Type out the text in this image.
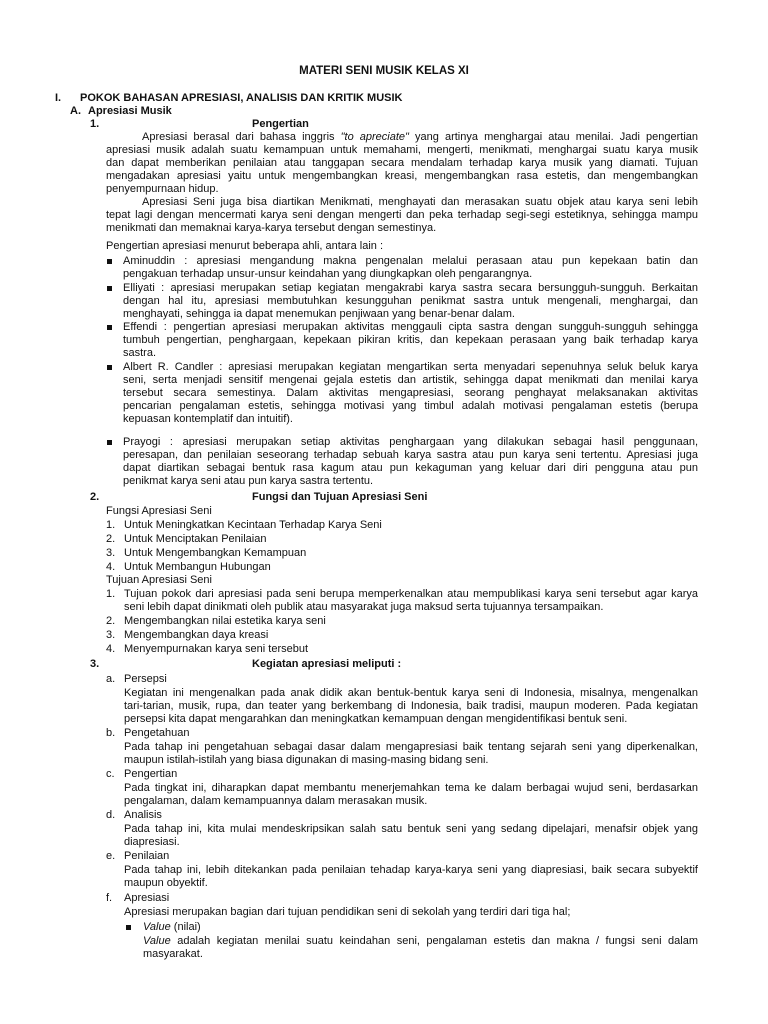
MATERI SENI MUSIK KELAS XI
I. POKOK BAHASAN APRESIASI, ANALISIS DAN KRITIK MUSIK
A. Apresiasi Musik
1.	Pengertian
Apresiasi berasal dari bahasa inggris "to apreciate" yang artinya menghargai atau menilai. Jadi pengertian
apresiasi musik adalah suatu kemampuan untuk memahami, mengerti, menikmati, menghargai suatu karya musik
dan dapat memberikan penilaian atau tanggapan secara mendalam terhadap karya musik yang diamati. Tujuan
mengadakan apresiasi yaitu untuk mengembangkan kreasi, mengembangkan rasa estetis, dan mengembangkan
penyempurnaan hidup.
Apresiasi Seni juga bisa diartikan Menikmati, menghayati dan merasakan suatu objek atau karya seni lebih
tepat lagi dengan mencermati karya seni dengan mengerti dan peka terhadap segi-segi estetiknya, sehingga mampu
menikmati dan memaknai karya-karya tersebut dengan semestinya.
Pengertian apresiasi menurut beberapa ahli, antara lain :
Aminuddin : apresiasi mengandung makna pengenalan melalui perasaan atau pun kepekaan batin dan
pengakuan terhadap unsur-unsur keindahan yang diungkapkan oleh pengarangnya.
Elliyati : apresiasi merupakan setiap kegiatan mengakrabi karya sastra secara bersungguh-sungguh. Berkaitan
dengan hal itu, apresiasi membutuhkan kesungguhan penikmat sastra untuk mengenali, menghargai, dan
menghayati, sehingga ia dapat menemukan penjiwaan yang benar-benar dalam.
Effendi : pengertian apresiasi merupakan aktivitas menggauli cipta sastra dengan sungguh-sungguh sehingga
tumbuh pengertian, penghargaan, kepekaan pikiran kritis, dan kepekaan perasaan yang baik terhadap karya
sastra.
Albert R. Candler : apresiasi merupakan kegiatan mengartikan serta menyadari sepenuhnya seluk beluk karya
seni, serta menjadi sensitif mengenai gejala estetis dan artistik, sehingga dapat menikmati dan menilai karya
tersebut secara semestinya. Dalam aktivitas mengapresiasi, seorang penghayat melaksanakan aktivitas
pencarian pengalaman estetis, sehingga motivasi yang timbul adalah motivasi pengalaman estetis (berupa
kepuasan kontemplatif dan intuitif).
Prayogi : apresiasi merupakan setiap aktivitas penghargaan yang dilakukan sebagai hasil penggunaan,
peresapan, dan penilaian seseorang terhadap sebuah karya sastra atau pun karya seni tertentu. Apresiasi juga
dapat diartikan sebagai bentuk rasa kagum atau pun kekaguman yang keluar dari diri pengguna atau pun
penikmat karya seni atau pun karya sastra tertentu.
2.	Fungsi dan Tujuan Apresiasi Seni
Fungsi Apresiasi Seni
1. Untuk Meningkatkan Kecintaan Terhadap Karya Seni
2. Untuk Menciptakan Penilaian
3. Untuk Mengembangkan Kemampuan
4. Untuk Membangun Hubungan
Tujuan Apresiasi Seni
1. Tujuan pokok dari apresiasi pada seni berupa memperkenalkan atau mempublikasi karya seni tersebut agar karya
seni lebih dapat dinikmati oleh publik atau masyarakat juga maksud serta tujuannya tersampaikan.
2. Mengembangkan nilai estetika karya seni
3. Mengembangkan daya kreasi
4. Menyempurnakan karya seni tersebut
3.	Kegiatan apresiasi meliputi :
a. Persepsi
Kegiatan ini mengenalkan pada anak didik akan bentuk-bentuk karya seni di Indonesia, misalnya, mengenalkan
tari-tarian, musik, rupa, dan teater yang berkembang di Indonesia, baik tradisi, maupun moderen. Pada kegiatan
persepsi kita dapat mengarahkan dan meningkatkan kemampuan dengan mengidentifikasi bentuk seni.
b. Pengetahuan
Pada tahap ini pengetahuan sebagai dasar dalam mengapresiasi baik tentang sejarah seni yang diperkenalkan,
maupun istilah-istilah yang biasa digunakan di masing-masing bidang seni.
c. Pengertian
Pada tingkat ini, diharapkan dapat membantu menerjemahkan tema ke dalam berbagai wujud seni, berdasarkan
pengalaman, dalam kemampuannya dalam merasakan musik.
d. Analisis
Pada tahap ini, kita mulai mendeskripsikan salah satu bentuk seni yang sedang dipelajari, menafsir objek yang
diapresiasi.
e. Penilaian
Pada tahap ini, lebih ditekankan pada penilaian tehadap karya-karya seni yang diapresiasi, baik secara subyektif
maupun obyektif.
f. Apresiasi
Apresiasi merupakan bagian dari tujuan pendidikan seni di sekolah yang terdiri dari tiga hal;
Value (nilai)
Value adalah kegiatan menilai suatu keindahan seni, pengalaman estetis dan makna / fungsi seni dalam
masyarakat.
